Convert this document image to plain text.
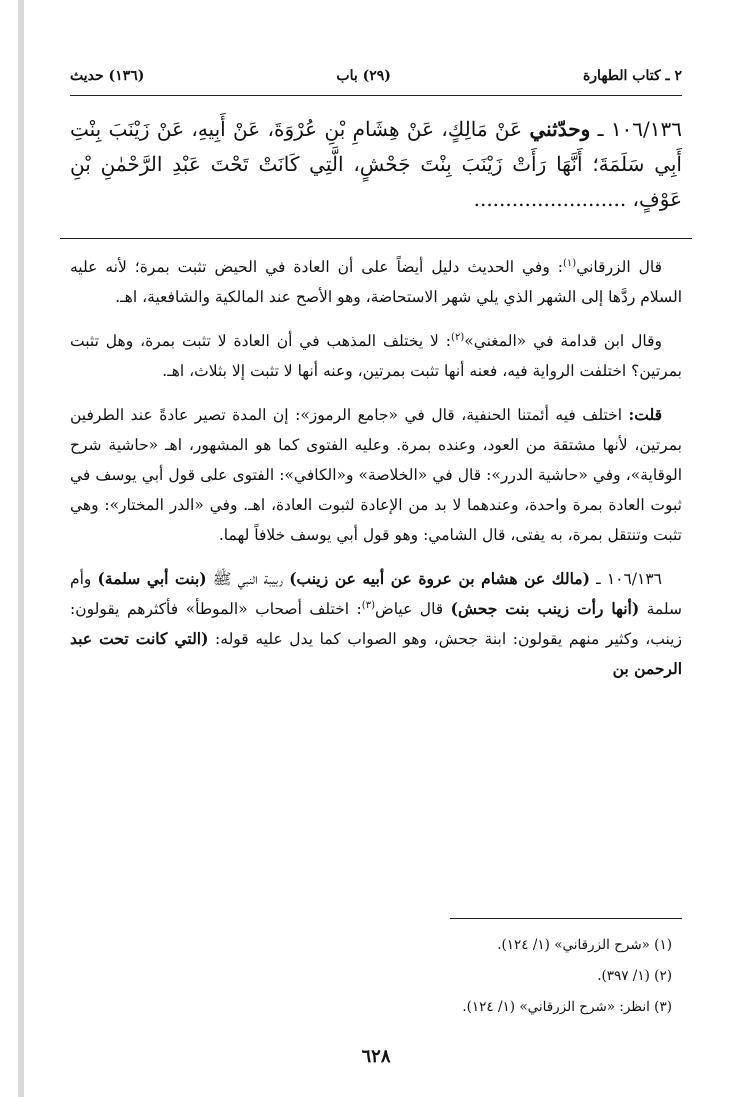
٢ ـ كتاب الطهارة
(٢٩) باب
(١٣٦) حديث
١٠٦/١٣٦ ـ وحدّثني عَنْ مَالِكٍ، عَنْ هِشَامِ بْنِ عُرْوَةَ، عَنْ أَبِيهِ، عَنْ زَيْنَبَ بِنْتِ أَبِي سَلَمَةَ؛ أَنَّهَا رَأَتْ زَيْنَبَ بِنْتَ جَحْشٍ، الَّتِي كَانَتْ تَحْتَ عَبْدِ الرَّحْمٰنِ بْنِ عَوْفٍ، ........................

قال الزرقاني$^{(١)}$: وفي الحديث دليل أيضاً على أن العادة في الحيض تثبت بمرة؛ لأنه عليه السلام ردَّها إلى الشهر الذي يلي شهر الاستحاضة، وهو الأصح عند المالكية والشافعية، اهـ.

وقال ابن قدامة في «المغني»$^{(٢)}$: لا يختلف المذهب في أن العادة لا تثبت بمرة، وهل تثبت بمرتين؟ اختلفت الرواية فيه، فعنه أنها تثبت بمرتين، وعنه أنها لا تثبت إلا بثلاث، اهـ.

قلت: اختلف فيه أئمتنا الحنفية، قال في «جامع الرموز»: إن المدة تصير عادةً عند الطرفين بمرتين، لأنها مشتقة من العود، وعنده بمرة. وعليه الفتوى كما هو المشهور، اهـ «حاشية شرح الوقاية»، وفي «حاشية الدرر»: قال في «الخلاصة» و«الكافي»: الفتوى على قول أبي يوسف في ثبوت العادة بمرة واحدة، وعندهما لا بد من الإعادة لثبوت العادة، اهـ. وفي «الدر المختار»: وهي تثبت وتنتقل بمرة، به يفتى، قال الشامي: وهو قول أبي يوسف خلافاً لهما.

١٠٦/١٣٦ ـ (مالك عن هشام بن عروة عن أبيه عن زينب) ربيبة النبي ﷺ (بنت أبي سلمة) وأم سلمة (أنها رأت زينب بنت جحش) قال عياض$^{(٣)}$: اختلف أصحاب «الموطأ» فأكثرهم يقولون: زينب، وكثير منهم يقولون: ابنة جحش، وهو الصواب كما يدل عليه قوله: (التي كانت تحت عبد الرحمن بن

(١) «شرح الزرقاني» (١/ ١٢٤).
(٢) (١/ ٣٩٧).
(٣) انظر: «شرح الزرقاني» (١/ ١٢٤).
٦٢٨
